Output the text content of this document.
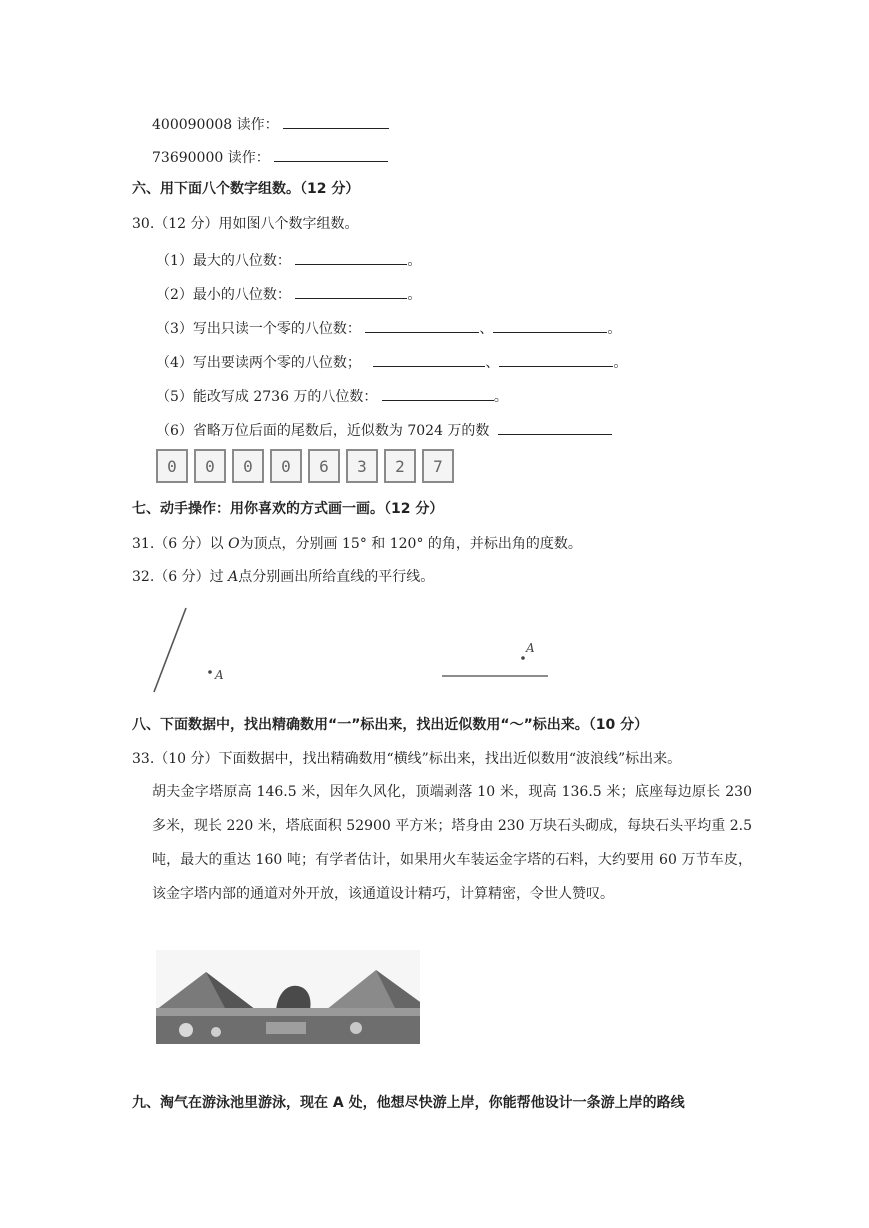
400090008 读作：
73690000 读作：
六、用下面八个数字组数。（12 分）
30.（12 分）用如图八个数字组数。
（1）最大的八位数：	。
（2）最小的八位数：	。
（3）写出只读一个零的八位数：	、	。
（4）写出要读两个零的八位数；	、	。
（5）能改写成 2736 万的八位数：	。
（6）省略万位后面的尾数后，近似数为 7024 万的数
0	0	0	0	6	3	2	7
七、动手操作：用你喜欢的方式画一画。（12 分）
31.（6 分）以 O为顶点，分别画 15° 和 120° 的角，并标出角的度数。
32.（6 分）过 A点分别画出所给直线的平行线。
A
A
八、下面数据中，找出精确数用“一”标出来，找出近似数用“～”标出来。（10 分）
33.（10 分）下面数据中，找出精确数用“横线”标出来，找出近似数用“波浪线”标出来。
胡夫金字塔原高 146.5 米，因年久风化，顶端剥落 10 米，现高 136.5 米；底座每边原长 230 多米，现长 220 米，塔底面积 52900 平方米；塔身由 230 万块石头砌成，每块石头平均重 2.5 吨，最大的重达 160 吨；有学者估计，如果用火车装运金字塔的石料，大约要用 60 万节车皮，该金字塔内部的通道对外开放，该通道设计精巧，计算精密，令世人赞叹。
九、淘气在游泳池里游泳，现在 A 处，他想尽快游上岸，你能帮他设计一条游上岸的路线
